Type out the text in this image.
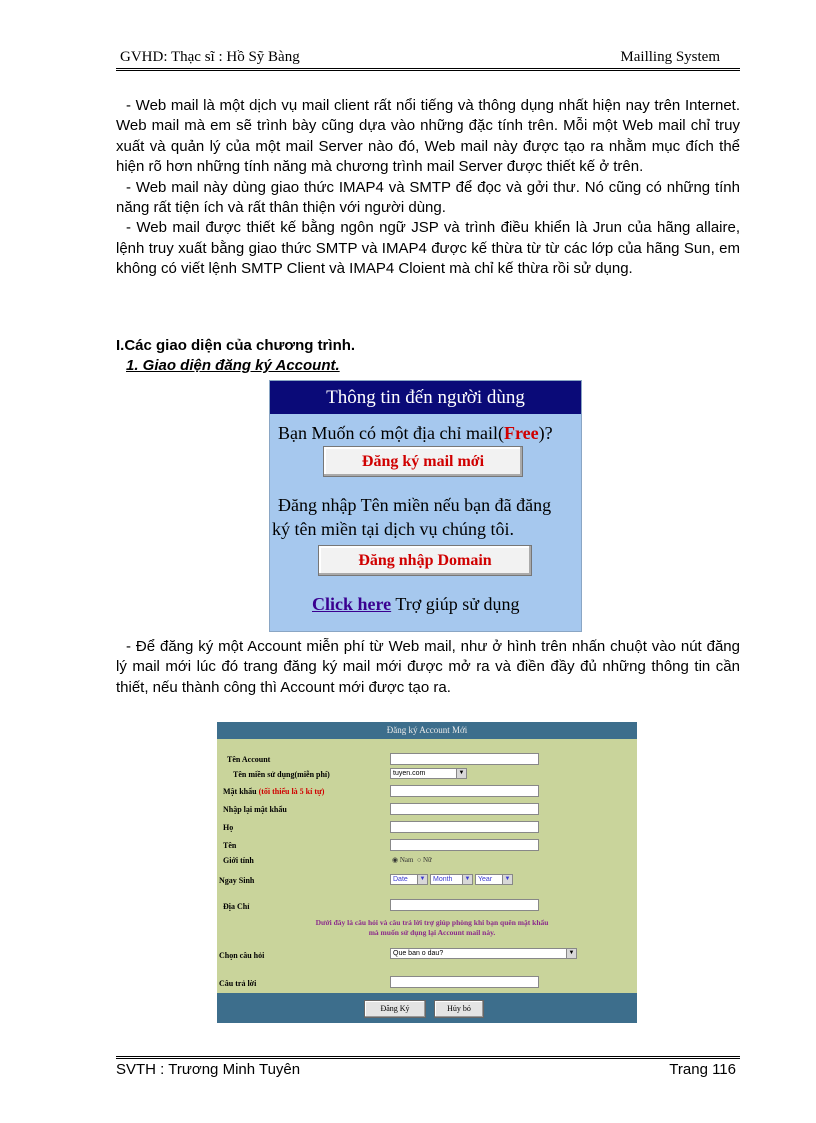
GVHD: Thạc sĩ : Hồ Sỹ Bàng	Mailling System

- Web mail là một dịch vụ mail client rất nổi tiếng và thông dụng nhất hiện nay trên Internet. Web mail mà em sẽ trình bày cũng dựa vào những đặc tính trên. Mỗi một Web mail chỉ truy xuất và quản lý của một mail Server nào đó, Web mail này được tạo ra nhằm mục đích thể hiện rõ hơn những tính năng mà chương trình mail Server được thiết kế ở trên.

- Web mail này dùng giao thức IMAP4 và SMTP để đọc và gởi thư. Nó cũng có những tính năng rất tiện ích và rất thân thiện với người dùng.

- Web mail được thiết kế bằng ngôn ngữ JSP và trình điều khiển là Jrun của hãng allaire, lệnh truy xuất bằng giao thức SMTP và IMAP4 được kế thừa từ từ các lớp của hãng Sun, em không có viết lệnh SMTP Client và IMAP4 Cloient mà chỉ kế thừa rồi sử dụng.

I.Các giao diện của chương trình.
1. Giao diện đăng ký Account.
Thông tin đến người dùng
Bạn Muốn có một địa chỉ mail(Free)?
Đăng ký mail mới
Đăng nhập Tên miền nếu bạn đã đăng
ký tên miền tại dịch vụ chúng tôi.
Đăng nhập Domain
Click here Trợ giúp sử dụng

- Để đăng ký một Account miễn phí từ Web mail, như ở hình trên nhấn chuột vào nút đăng lý mail mới lúc đó trang đăng ký mail mới được mở ra và điền đầy đủ những thông tin cần thiết, nếu thành công thì Account mới được tạo ra.

Đăng ký Account Mới
Tên Account
Tên miền sử dụng(miễn phí)	tuyen.com	▼
Mật khẩu (tối thiểu là 5 kí tự)
Nhập lại mật khẩu
Họ
Tên
Giới tính	◉ Nam ○ Nữ
Ngay Sinh	Date	▼	Month	▼	Year	▼
Địa Chỉ
Dưới đây là câu hỏi và câu trả lời trợ giúp phòng khi bạn quên mật khẩu
mà muốn sử dụng lại Account mail này.
Chọn câu hỏi	Que ban o dau?	▼
Câu trả lời
Đăng Ký	Hủy bỏ
SVTH : Trương Minh Tuyên	Trang 116
